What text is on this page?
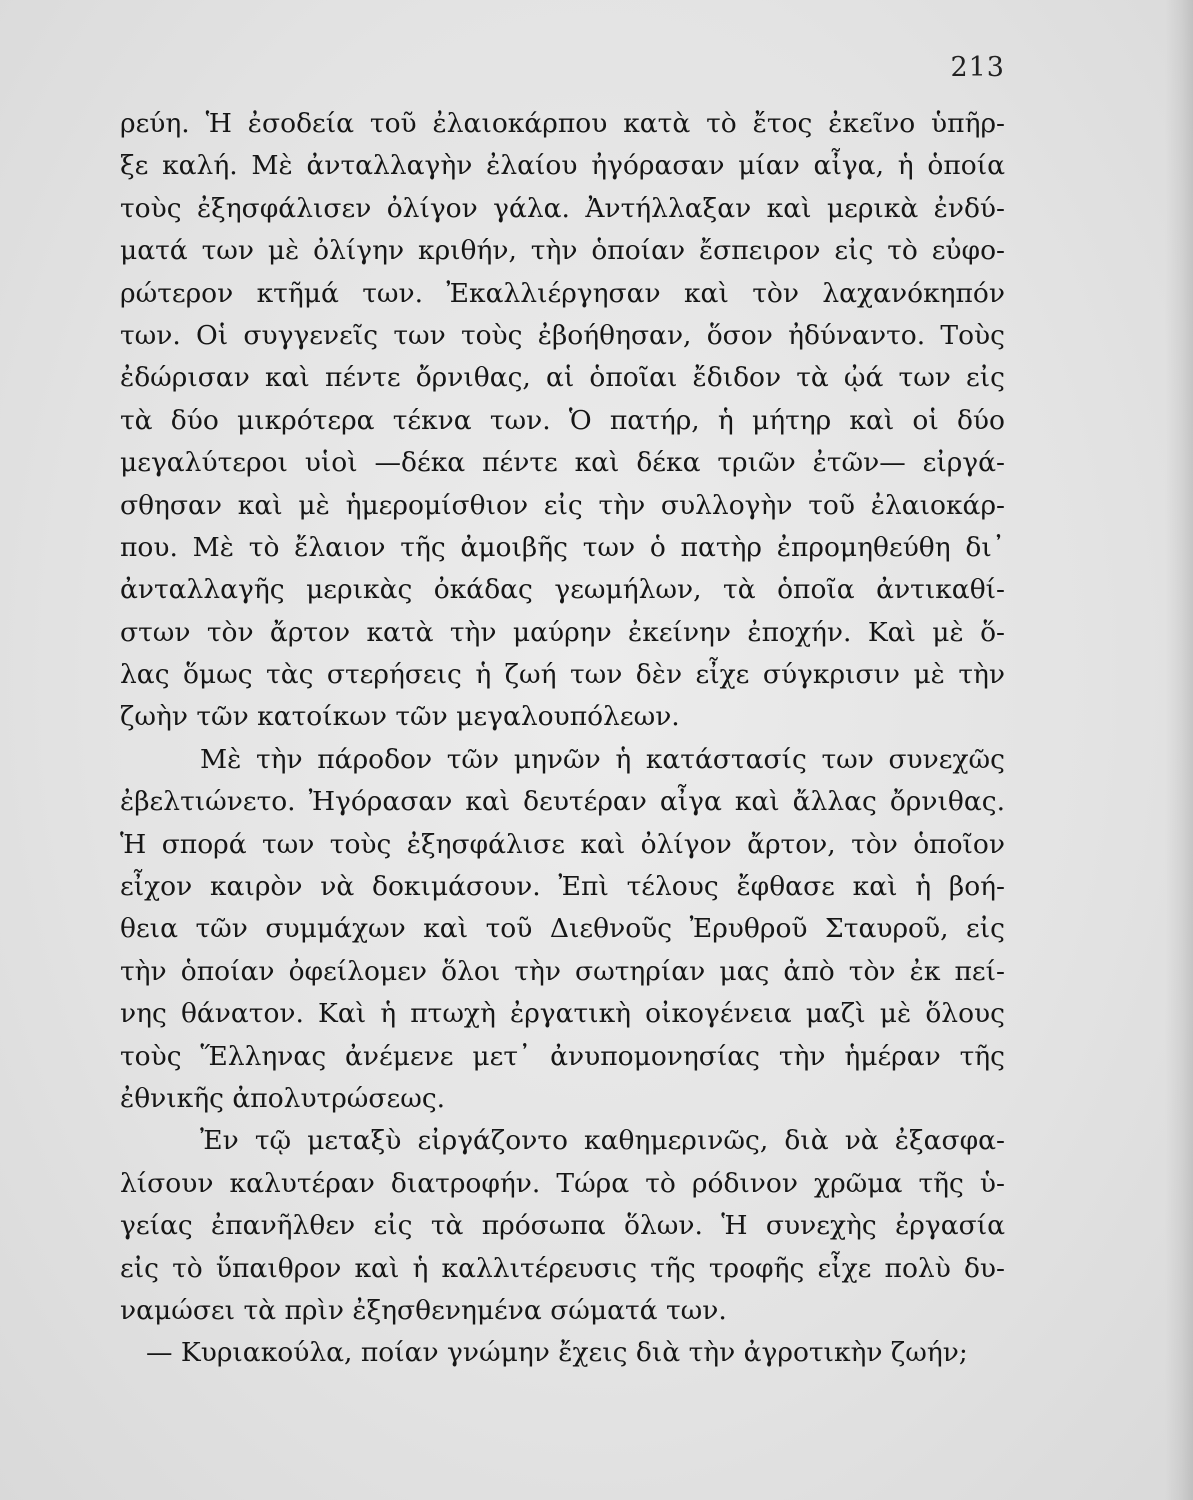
213
ρεύη. Ἡ ἐσοδεία τοῦ ἐλαιοκάρπου κατὰ τὸ ἔτος ἐκεῖνο ὑπῆρ-
ξε καλή. Μὲ ἀνταλλαγὴν ἐλαίου ἠγόρασαν μίαν αἶγα, ἡ ὁποία
τοὺς ἐξησφάλισεν ὀλίγον γάλα. Ἀντήλλαξαν καὶ μερικὰ ἐνδύ-
ματά των μὲ ὀλίγην κριθήν, τὴν ὁποίαν ἔσπειρον εἰς τὸ εὐφο-
ρώτερον κτῆμά των. Ἐκαλλιέργησαν καὶ τὸν λαχανόκηπόν
των. Οἱ συγγενεῖς των τοὺς ἐβοήθησαν, ὅσον ἠδύναντο. Τοὺς
ἐδώρισαν καὶ πέντε ὄρνιθας, αἱ ὁποῖαι ἔδιδον τὰ ᾠά των εἰς
τὰ δύο μικρότερα τέκνα των. Ὁ πατήρ, ἡ μήτηρ καὶ οἱ δύο
μεγαλύτεροι υἱοὶ —δέκα πέντε καὶ δέκα τριῶν ἐτῶν— εἰργά-
σθησαν καὶ μὲ ἡμερομίσθιον εἰς τὴν συλλογὴν τοῦ ἐλαιοκάρ-
που. Μὲ τὸ ἔλαιον τῆς ἀμοιβῆς των ὁ πατὴρ ἐπρομηθεύθη δι᾿
ἀνταλλαγῆς μερικὰς ὀκάδας γεωμήλων, τὰ ὁποῖα ἀντικαθί-
στων τὸν ἄρτον κατὰ τὴν μαύρην ἐκείνην ἐποχήν. Καὶ μὲ ὅ-
λας ὅμως τὰς στερήσεις ἡ ζωή των δὲν εἶχε σύγκρισιν μὲ τὴν
ζωὴν τῶν κατοίκων τῶν μεγαλουπόλεων.
Μὲ τὴν πάροδον τῶν μηνῶν ἡ κατάστασίς των συνεχῶς
ἐβελτιώνετο. Ἠγόρασαν καὶ δευτέραν αἶγα καὶ ἄλλας ὄρνιθας.
Ἡ σπορά των τοὺς ἐξησφάλισε καὶ ὀλίγον ἄρτον, τὸν ὁποῖον
εἶχον καιρὸν νὰ δοκιμάσουν. Ἐπὶ τέλους ἔφθασε καὶ ἡ βοή-
θεια τῶν συμμάχων καὶ τοῦ Διεθνοῦς Ἐρυθροῦ Σταυροῦ, εἰς
τὴν ὁποίαν ὀφείλομεν ὅλοι τὴν σωτηρίαν μας ἀπὸ τὸν ἐκ πεί-
νης θάνατον. Καὶ ἡ πτωχὴ ἐργατικὴ οἰκογένεια μαζὶ μὲ ὅλους
τοὺς Ἕλληνας ἀνέμενε μετ᾿ ἀνυπομονησίας τὴν ἡμέραν τῆς
ἐθνικῆς ἀπολυτρώσεως.
Ἐν τῷ μεταξὺ εἰργάζοντο καθημερινῶς, διὰ νὰ ἐξασφα-
λίσουν καλυτέραν διατροφήν. Τώρα τὸ ρόδινον χρῶμα τῆς ὑ-
γείας ἐπανῆλθεν εἰς τὰ πρόσωπα ὅλων. Ἡ συνεχὴς ἐργασία
εἰς τὸ ὕπαιθρον καὶ ἡ καλλιτέρευσις τῆς τροφῆς εἶχε πολὺ δυ-
ναμώσει τὰ πρὶν ἐξησθενημένα σώματά των.
— Κυριακούλα, ποίαν γνώμην ἔχεις διὰ τὴν ἀγροτικὴν ζωήν;
